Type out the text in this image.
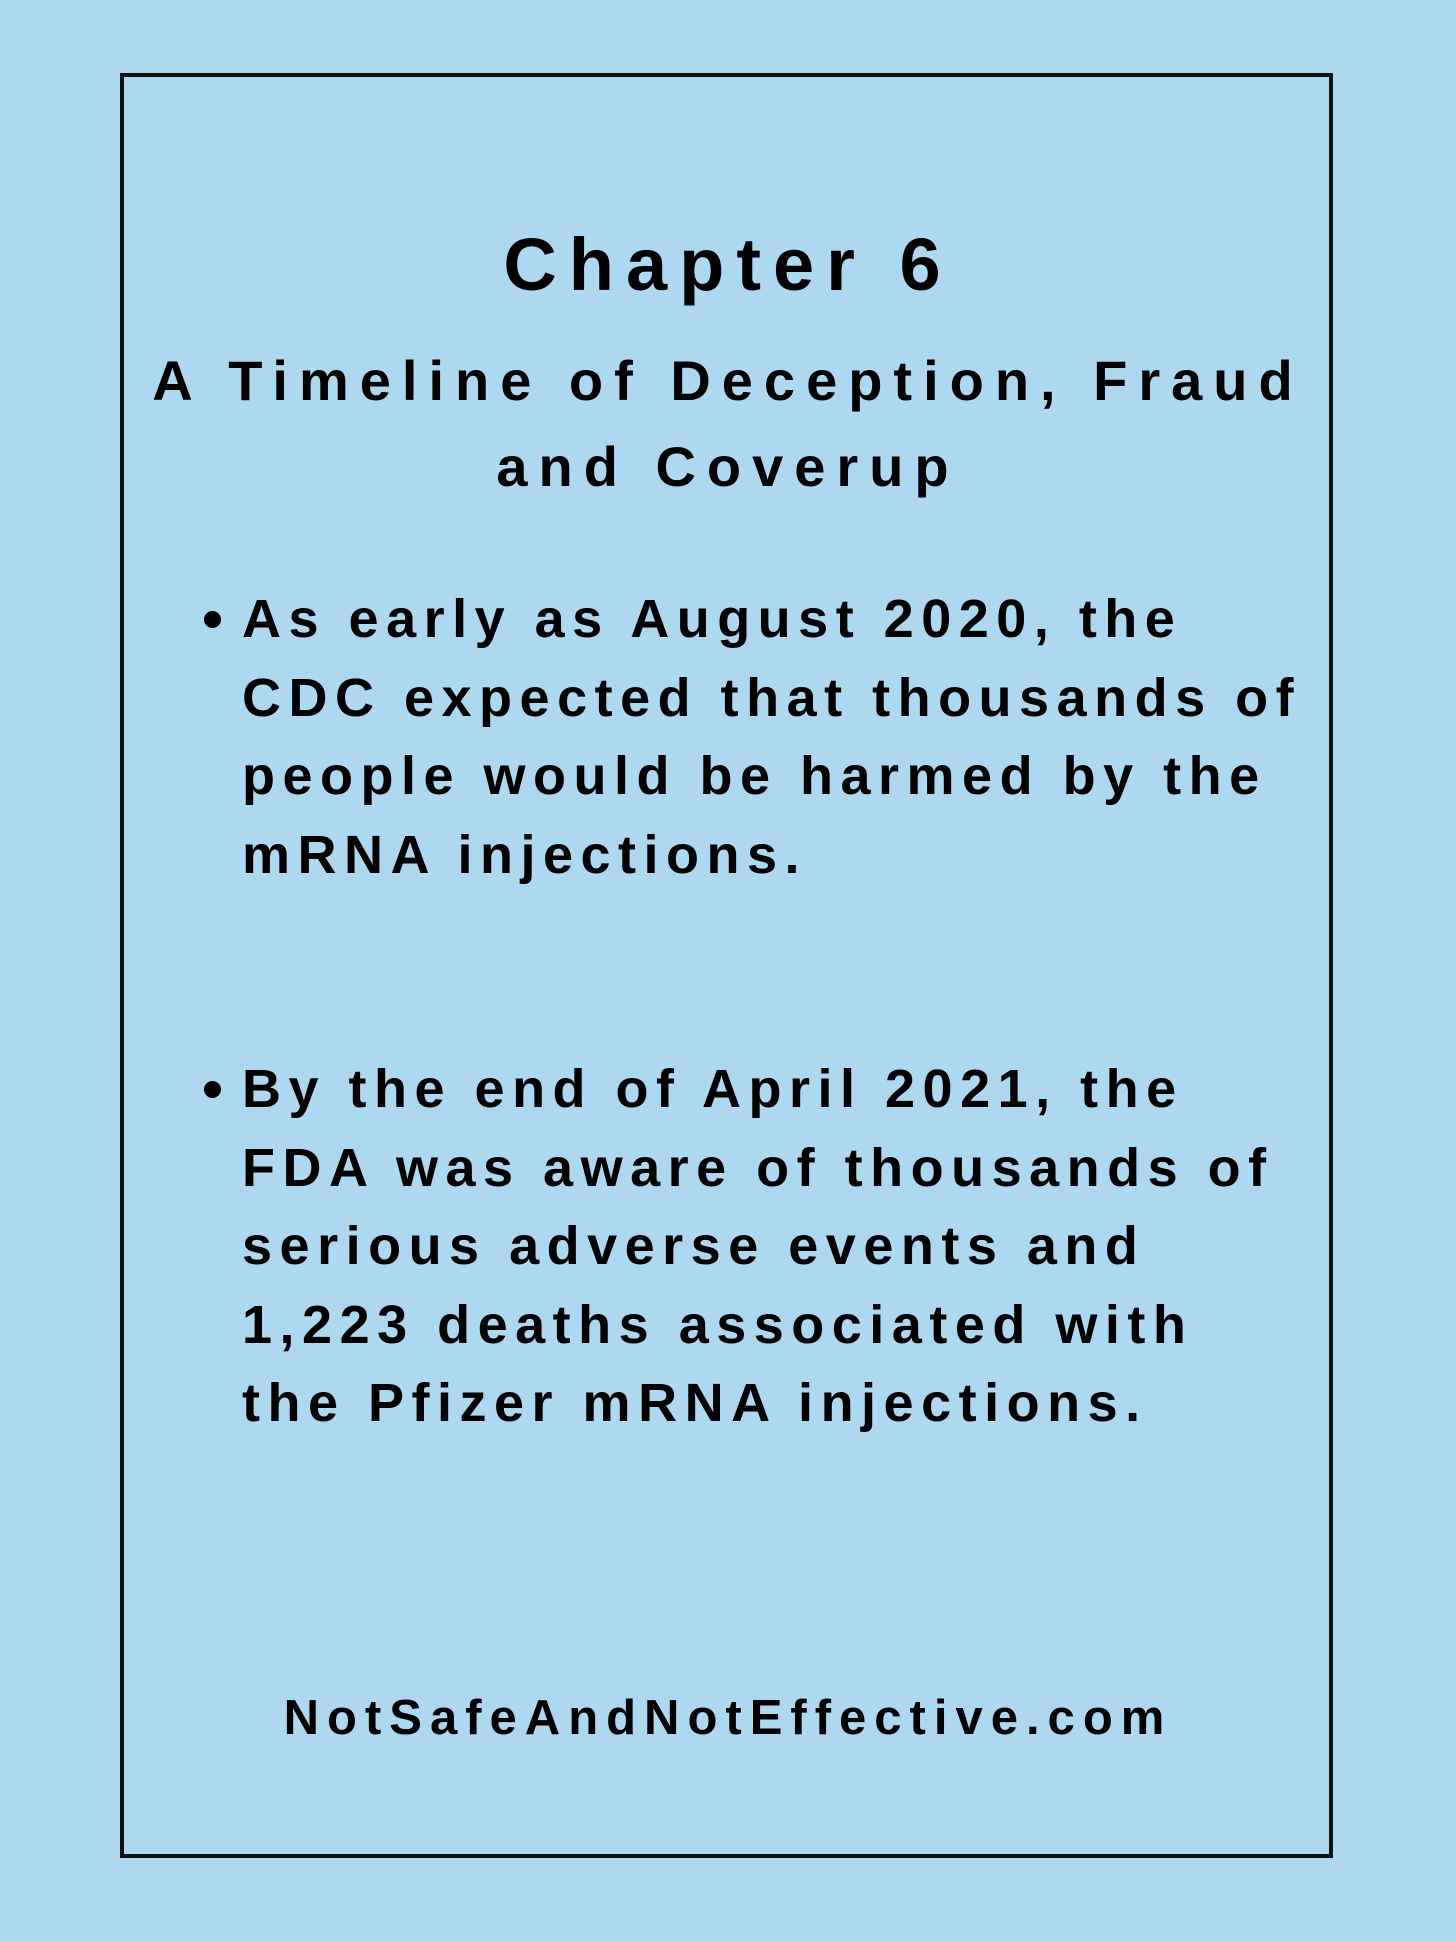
Chapter 6
A Timeline of Deception, Fraud and Coverup
As early as August 2020, the CDC expected that thousands of people would be harmed by the mRNA injections.
By the end of April 2021, the FDA was aware of thousands of serious adverse events and 1,223 deaths associated with the Pfizer mRNA injections.
NotSafeAndNotEffective.com
